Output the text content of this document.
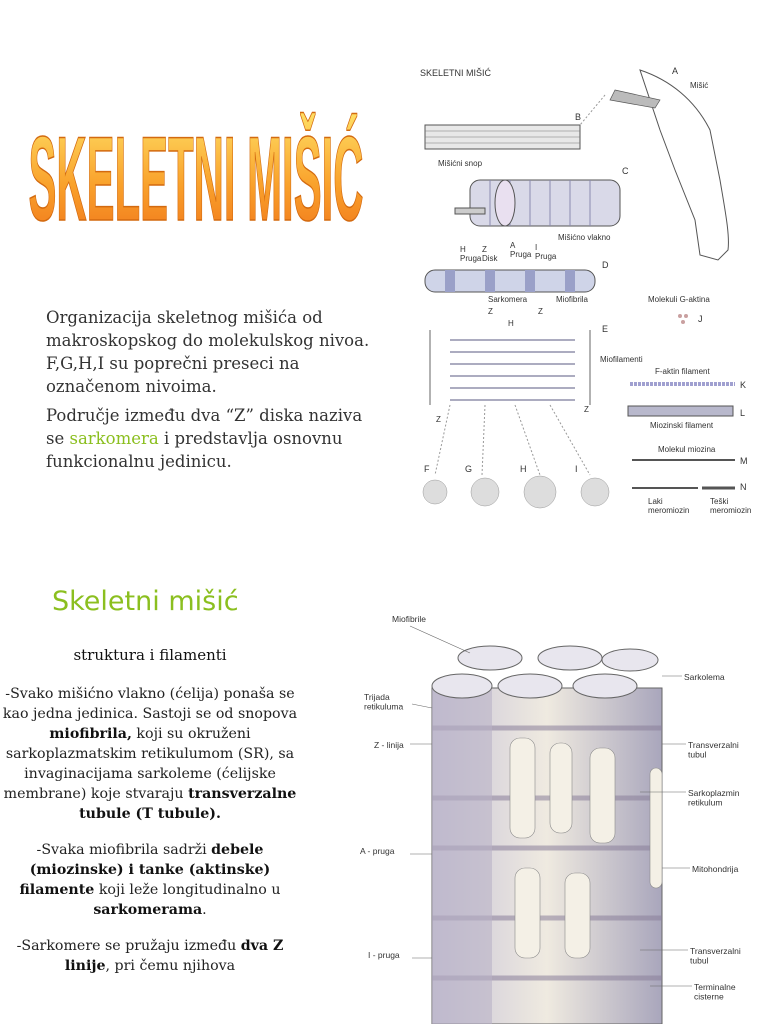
SKELETNI MIŠIĆ

Organizacija skeletnog mišića od makroskopskog do molekulskog nivoa. F,G,H,I su poprečni preseci na označenom nivoima.

Područje između dva “Z” diska naziva se sarkomera i predstavlja osnovnu funkcionalnu jedinicu.

SKELETNI MIŠIĆ	A
Mišić
B
Mišićni snop
C
Mišićno vlakno
H Pruga
Z Disk
A Pruga
I Pruga
D
Sarkomera	Miofibrila
Z	Z
H
E
Miofilamenti
Z
Z
Molekuli G-aktina
J
F-aktin filament
K
L
Miozinski filament
Molekul miozina
M
N
Laki meromiozin
Teški meromiozin
F	G	H	I
Skeletni mišić
struktura i filamenti

-Svako mišićno vlakno (ćelija) ponaša se kao jedna jedinica. Sastoji se od snopova miofibrila, koji su okruženi sarkoplazmatskim retikulumom (SR), sa invaginacijama sarkoleme (ćelijske membrane) koje stvaraju transverzalne tubule (T tubule).

-Svaka miofibrila sadrži debele (miozinske) i tanke (aktinske) filamente koji leže longitudinalno u sarkomerama.

-Sarkomere se pružaju između dva Z linije, pri čemu njihova

Miofibrile
Sarkolema
Trijada retikuluma
Z - linija	Transverzalni tubul
Sarkoplazmin retikulum
A - pruga
Mitohondrija
I - pruga	Transverzalni tubul
Terminalne cisterne
